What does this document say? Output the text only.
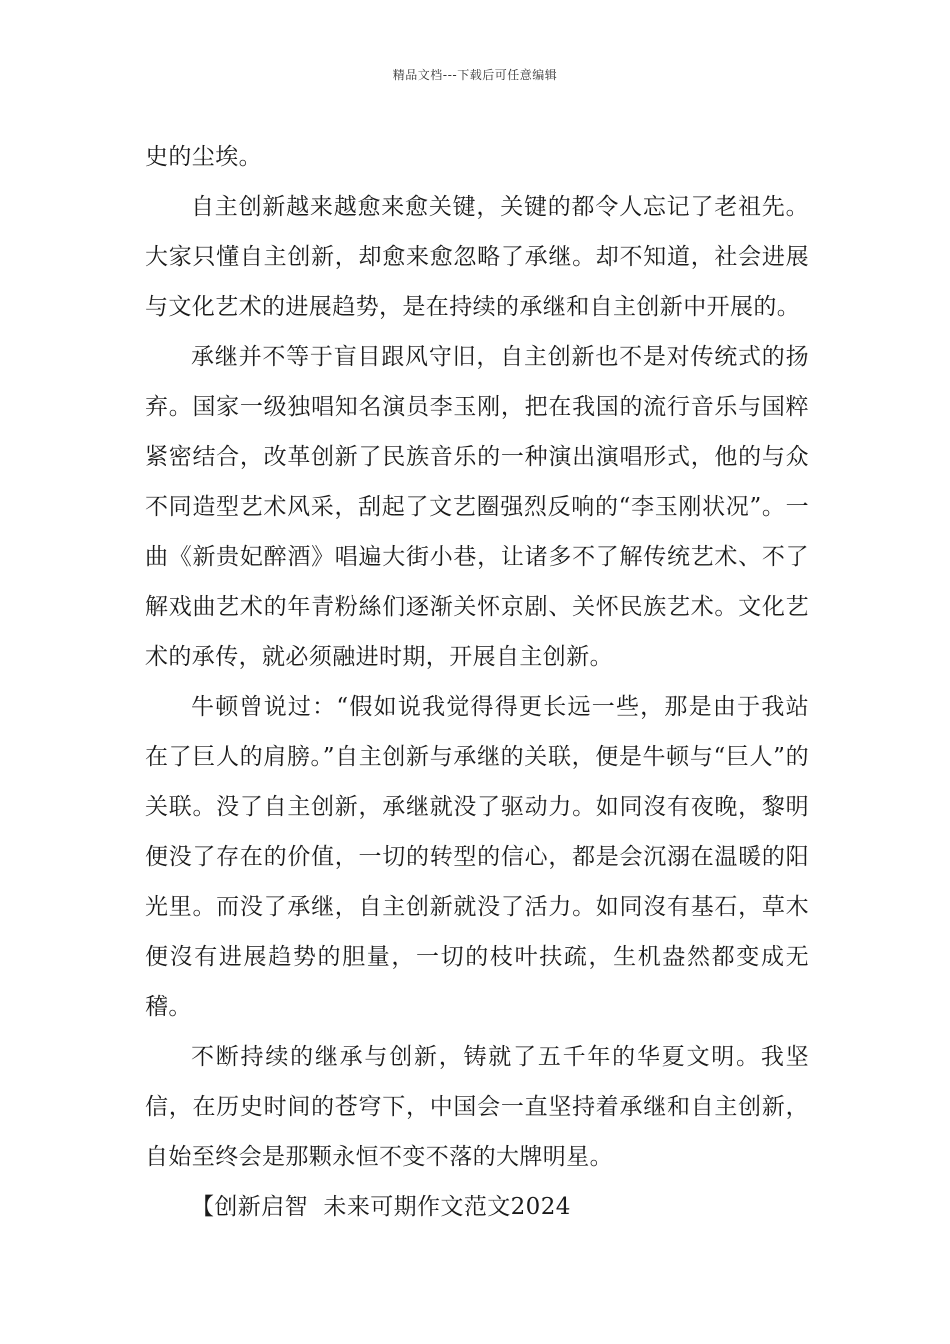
精品文档---下载后可任意编辑

史的尘埃。

自主创新越来越愈来愈关键，关键的都令人忘记了老祖先。大家只懂自主创新，却愈来愈忽略了承继。却不知道，社会进展与文化艺术的进展趋势，是在持续的承继和自主创新中开展的。

承继并不等于盲目跟风守旧，自主创新也不是对传统式的扬弃。国家一级独唱知名演员李玉刚，把在我国的流行音乐与国粹紧密结合，改革创新了民族音乐的一种演出演唱形式，他的与众不同造型艺术风采，刮起了文艺圈强烈反响的“李玉刚状况”。一曲《新贵妃醉酒》唱遍大街小巷，让诸多不了解传统艺术、不了解戏曲艺术的年青粉絲们逐渐关怀京剧、关怀民族艺术。文化艺术的承传，就必须融进时期，开展自主创新。

牛顿曾说过：“假如说我觉得得更长远一些，那是由于我站在了巨人的肩膀。”自主创新与承继的关联，便是牛顿与“巨人”的关联。没了自主创新，承继就没了驱动力。如同沒有夜晚，黎明便没了存在的价值，一切的转型的信心，都是会沉溺在温暖的阳光里。而没了承继，自主创新就没了活力。如同沒有基石，草木便沒有进展趋势的胆量，一切的枝叶扶疏，生机盎然都变成无稽。

不断持续的继承与创新，铸就了五千年的华夏文明。我坚信，在历史时间的苍穹下，中国会一直坚持着承继和自主创新，自始至终会是那颗永恒不变不落的大牌明星。

【创新启智  未来可期作文范文2024
